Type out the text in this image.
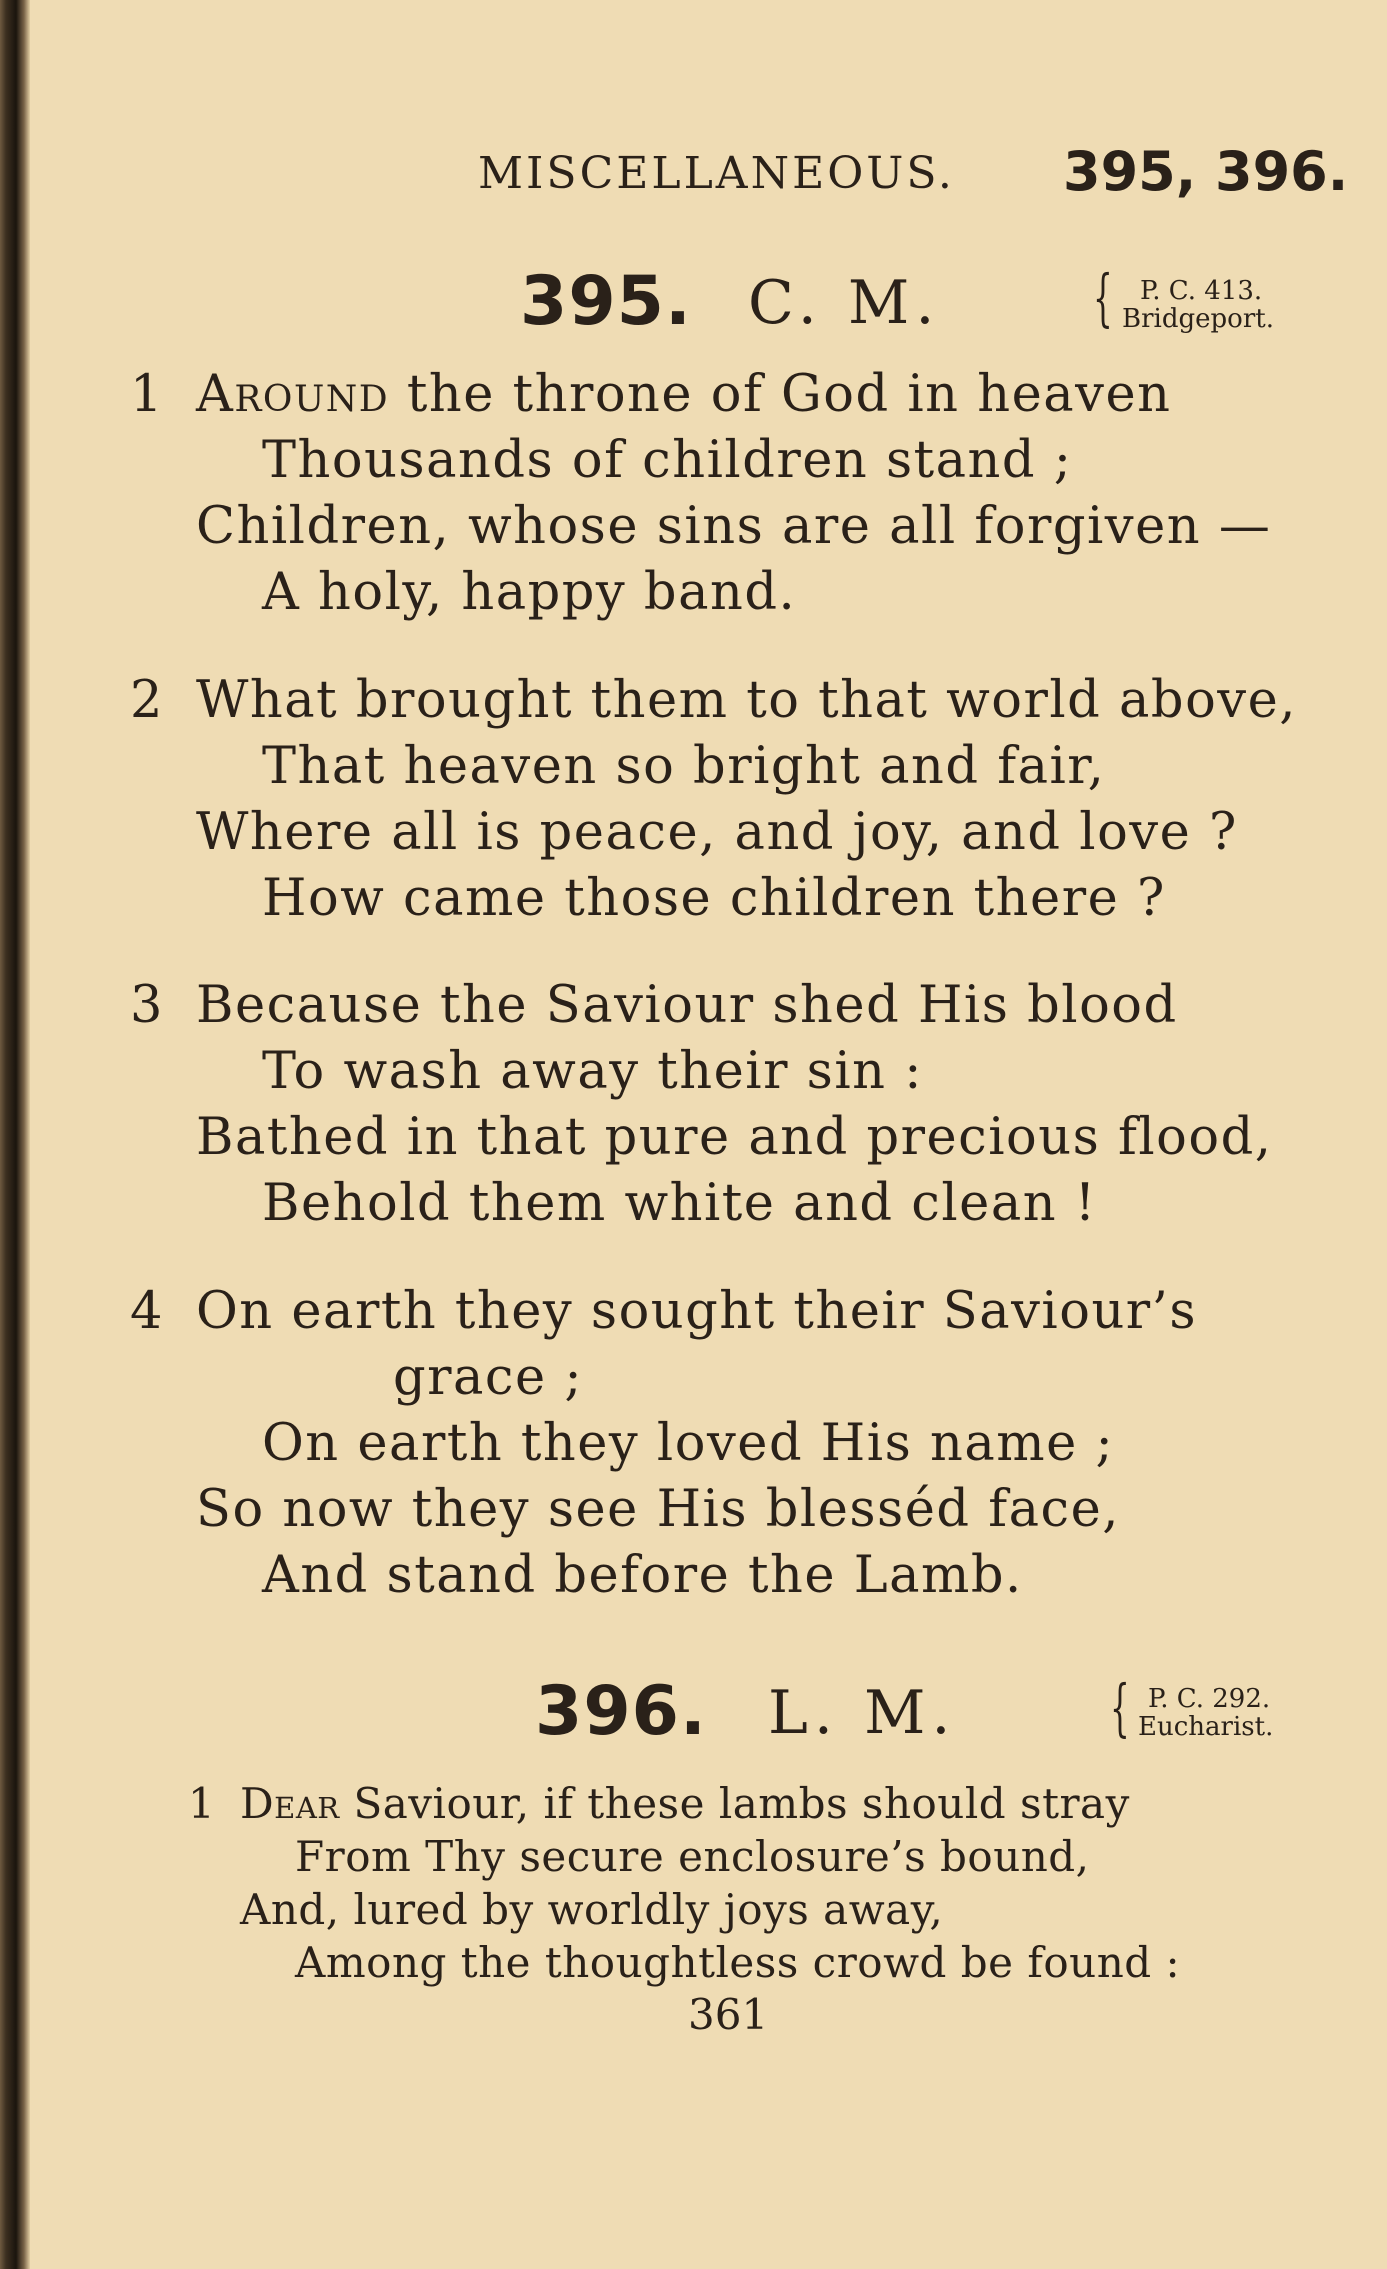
MISCELLANEOUS. 395, 396.
395. C. M. { P. C. 413.
Bridgeport.
1 Around the throne of God in heaven
Thousands of children stand ;
Children, whose sins are all forgiven —
A holy, happy band.
2 What brought them to that world above,
That heaven so bright and fair,
Where all is peace, and joy, and love ?
How came those children there ?
3 Because the Saviour shed His blood
To wash away their sin :
Bathed in that pure and precious flood,
Behold them white and clean !
4 On earth they sought their Saviour’s
grace ;
On earth they loved His name ;
So now they see His blesséd face,
And stand before the Lamb.
396. L. M. { P. C. 292.
Eucharist.
1 Dear Saviour, if these lambs should stray
From Thy secure enclosure’s bound,
And, lured by worldly joys away,
Among the thoughtless crowd be found :
361
